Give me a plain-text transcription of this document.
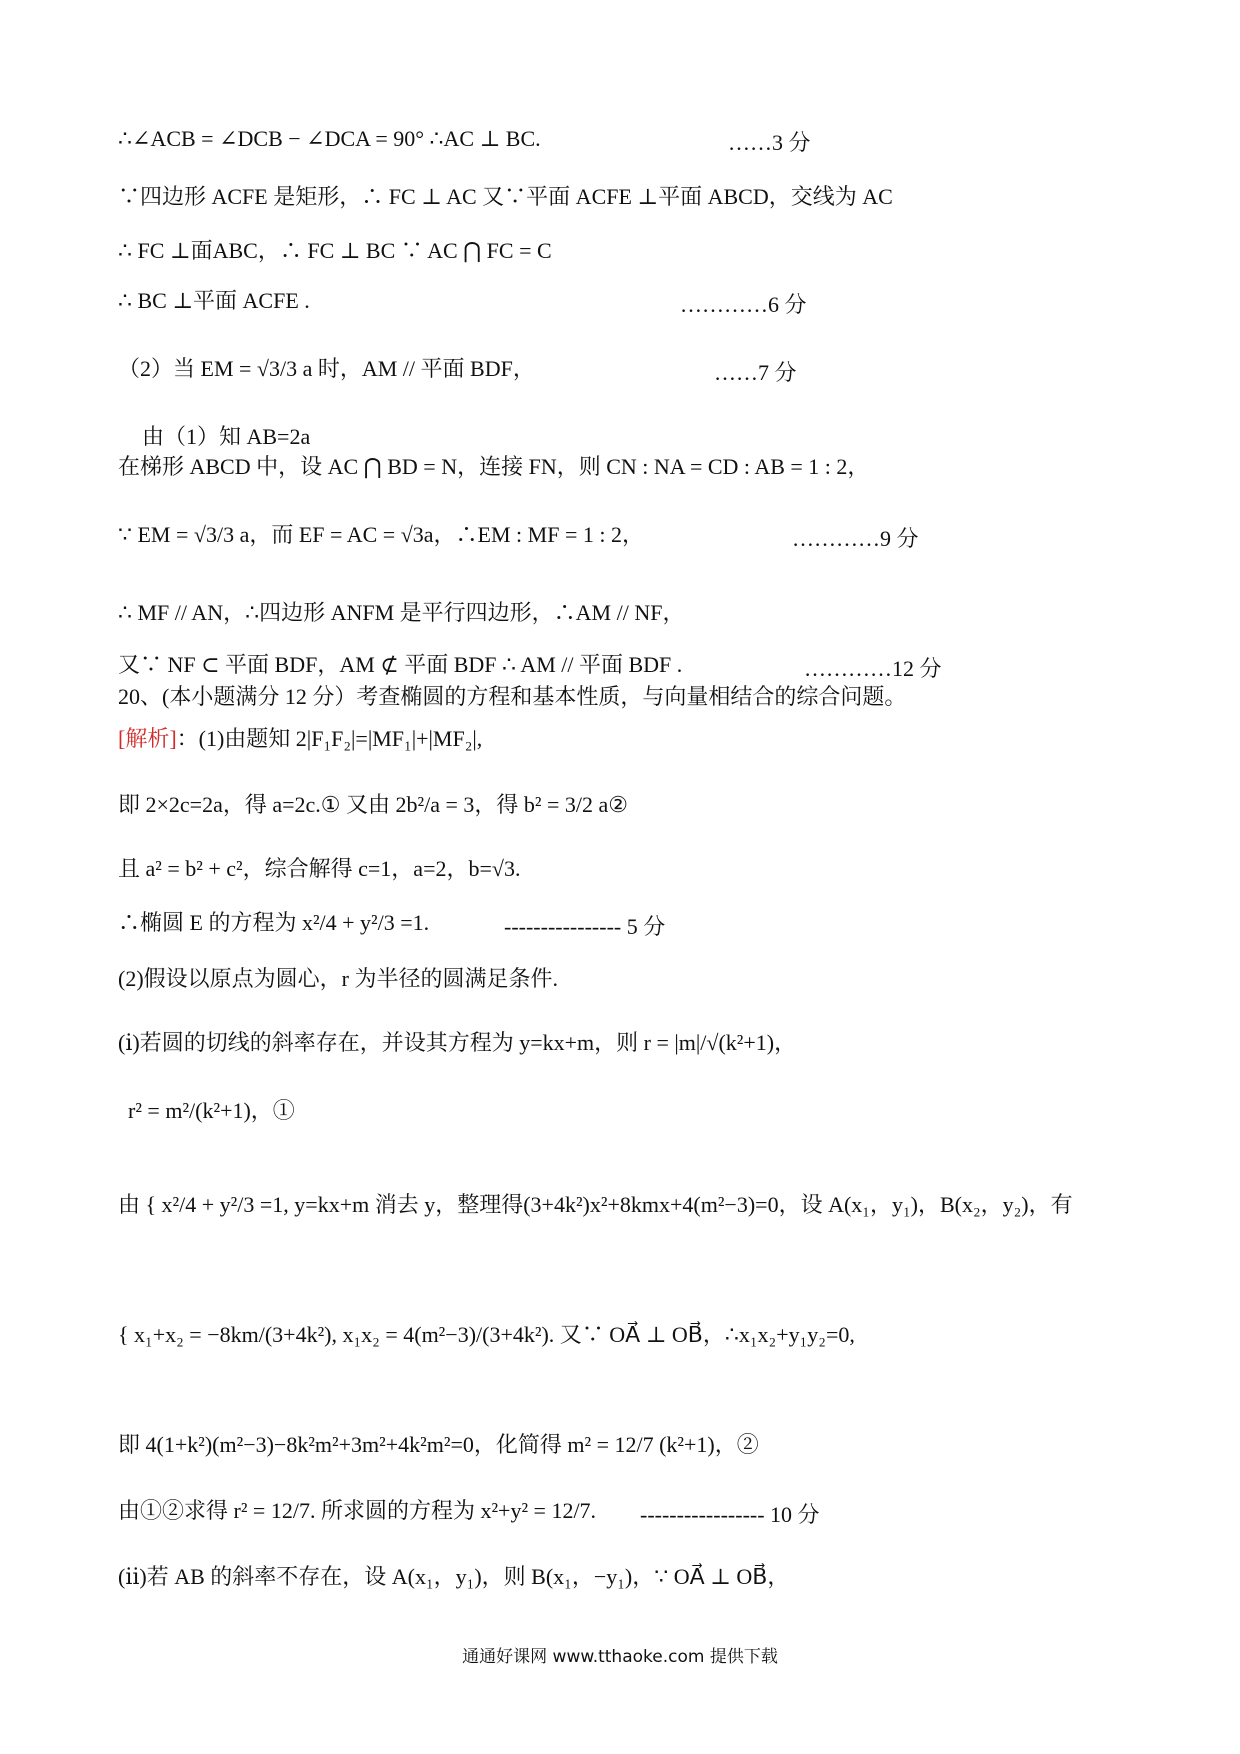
∴∠ACB = ∠DCB − ∠DCA = 90° ∴AC ⊥ BC.	……3 分
∵四边形 ACFE 是矩形，∴ FC ⊥ AC 又∵平面 ACFE ⊥平面 ABCD，交线为 AC
∴ FC ⊥面ABC，∴ FC ⊥ BC ∵ AC ⋂ FC = C
∴ BC ⊥平面 ACFE .	…………6 分
（2）当 EM = √3/3 a 时，AM // 平面 BDF，	……7 分
由（1）知 AB=2a
在梯形 ABCD 中，设 AC ⋂ BD = N，连接 FN，则 CN : NA = CD : AB = 1 : 2，
∵ EM = √3/3 a，而 EF = AC = √3a，∴EM : MF = 1 : 2，	…………9 分
∴ MF // AN，∴四边形 ANFM 是平行四边形，∴AM // NF，
又∵ NF ⊂ 平面 BDF，AM ⊄ 平面 BDF ∴ AM // 平面 BDF .	…………12 分
20、(本小题满分 12 分）考查椭圆的方程和基本性质，与向量相结合的综合问题。
[解析]：(1)由题知 2|F₁F₂|=|MF₁|+|MF₂|,
即 2×2c=2a，得 a=2c.① 又由 2b²/a = 3，得 b² = 3/2 a②
且 a² = b² + c²，综合解得 c=1，a=2，b=√3.
∴椭圆 E 的方程为 x²/4 + y²/3 =1.	---------------- 5 分
(2)假设以原点为圆心，r 为半径的圆满足条件.
(ⅰ)若圆的切线的斜率存在，并设其方程为 y=kx+m，则 r = |m|/√(k²+1)，
r² = m²/(k²+1)，①
由 { x²/4 + y²/3 =1, y=kx+m 消去 y，整理得(3+4k²)x²+8kmx+4(m²−3)=0，设 A(x₁，y₁)，B(x₂，y₂)，有
{ x₁+x₂ = −8km/(3+4k²), x₁x₂ = 4(m²−3)/(3+4k²). 又∵ OA⃗ ⊥ OB⃗，∴x₁x₂+y₁y₂=0,
即 4(1+k²)(m²−3)−8k²m²+3m²+4k²m²=0，化简得 m² = 12/7 (k²+1)，②
由①②求得 r² = 12/7. 所求圆的方程为 x²+y² = 12/7. ----------------- 10 分
(ⅱ)若 AB 的斜率不存在，设 A(x₁，y₁)，则 B(x₁，−y₁)，∵ OA⃗ ⊥ OB⃗，
通通好课网 www.tthaoke.com 提供下载
